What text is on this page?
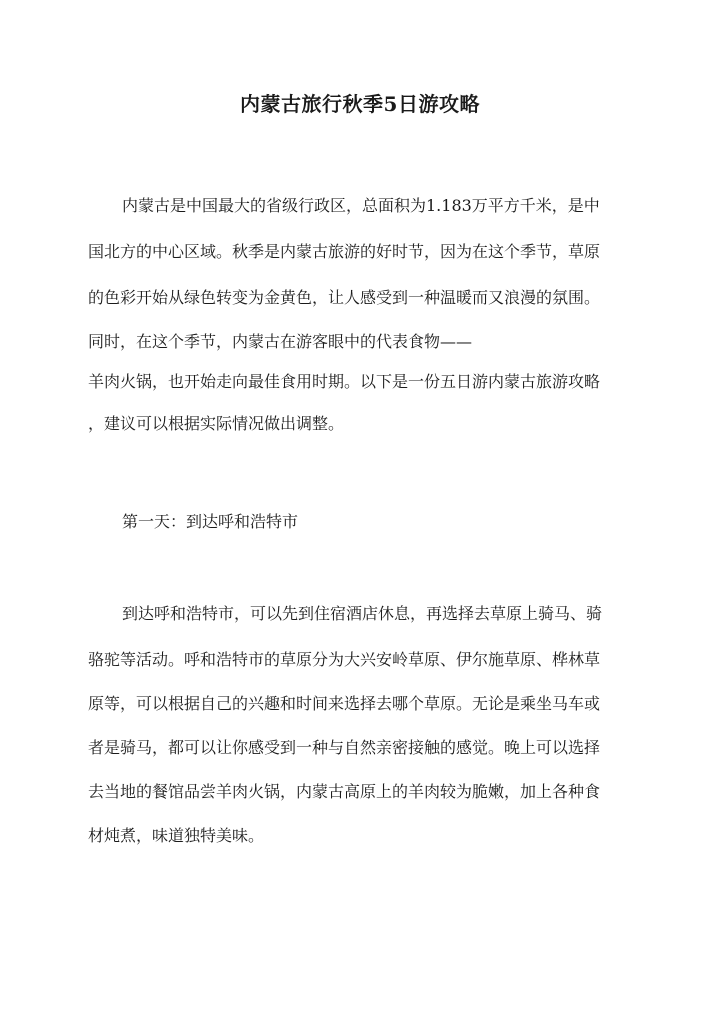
内蒙古旅行秋季5日游攻略

内蒙古是中国最大的省级行政区，总面积为1.183万平方千米，是中

国北方的中心区域。秋季是内蒙古旅游的好时节，因为在这个季节，草原

的色彩开始从绿色转变为金黄色，让人感受到一种温暖而又浪漫的氛围。

同时，在这个季节，内蒙古在游客眼中的代表食物——

羊肉火锅，也开始走向最佳食用时期。以下是一份五日游内蒙古旅游攻略

，建议可以根据实际情况做出调整。

第一天：到达呼和浩特市

到达呼和浩特市，可以先到住宿酒店休息，再选择去草原上骑马、骑

骆驼等活动。呼和浩特市的草原分为大兴安岭草原、伊尔施草原、桦林草

原等，可以根据自己的兴趣和时间来选择去哪个草原。无论是乘坐马车或

者是骑马，都可以让你感受到一种与自然亲密接触的感觉。晚上可以选择

去当地的餐馆品尝羊肉火锅，内蒙古高原上的羊肉较为脆嫩，加上各种食

材炖煮，味道独特美味。
